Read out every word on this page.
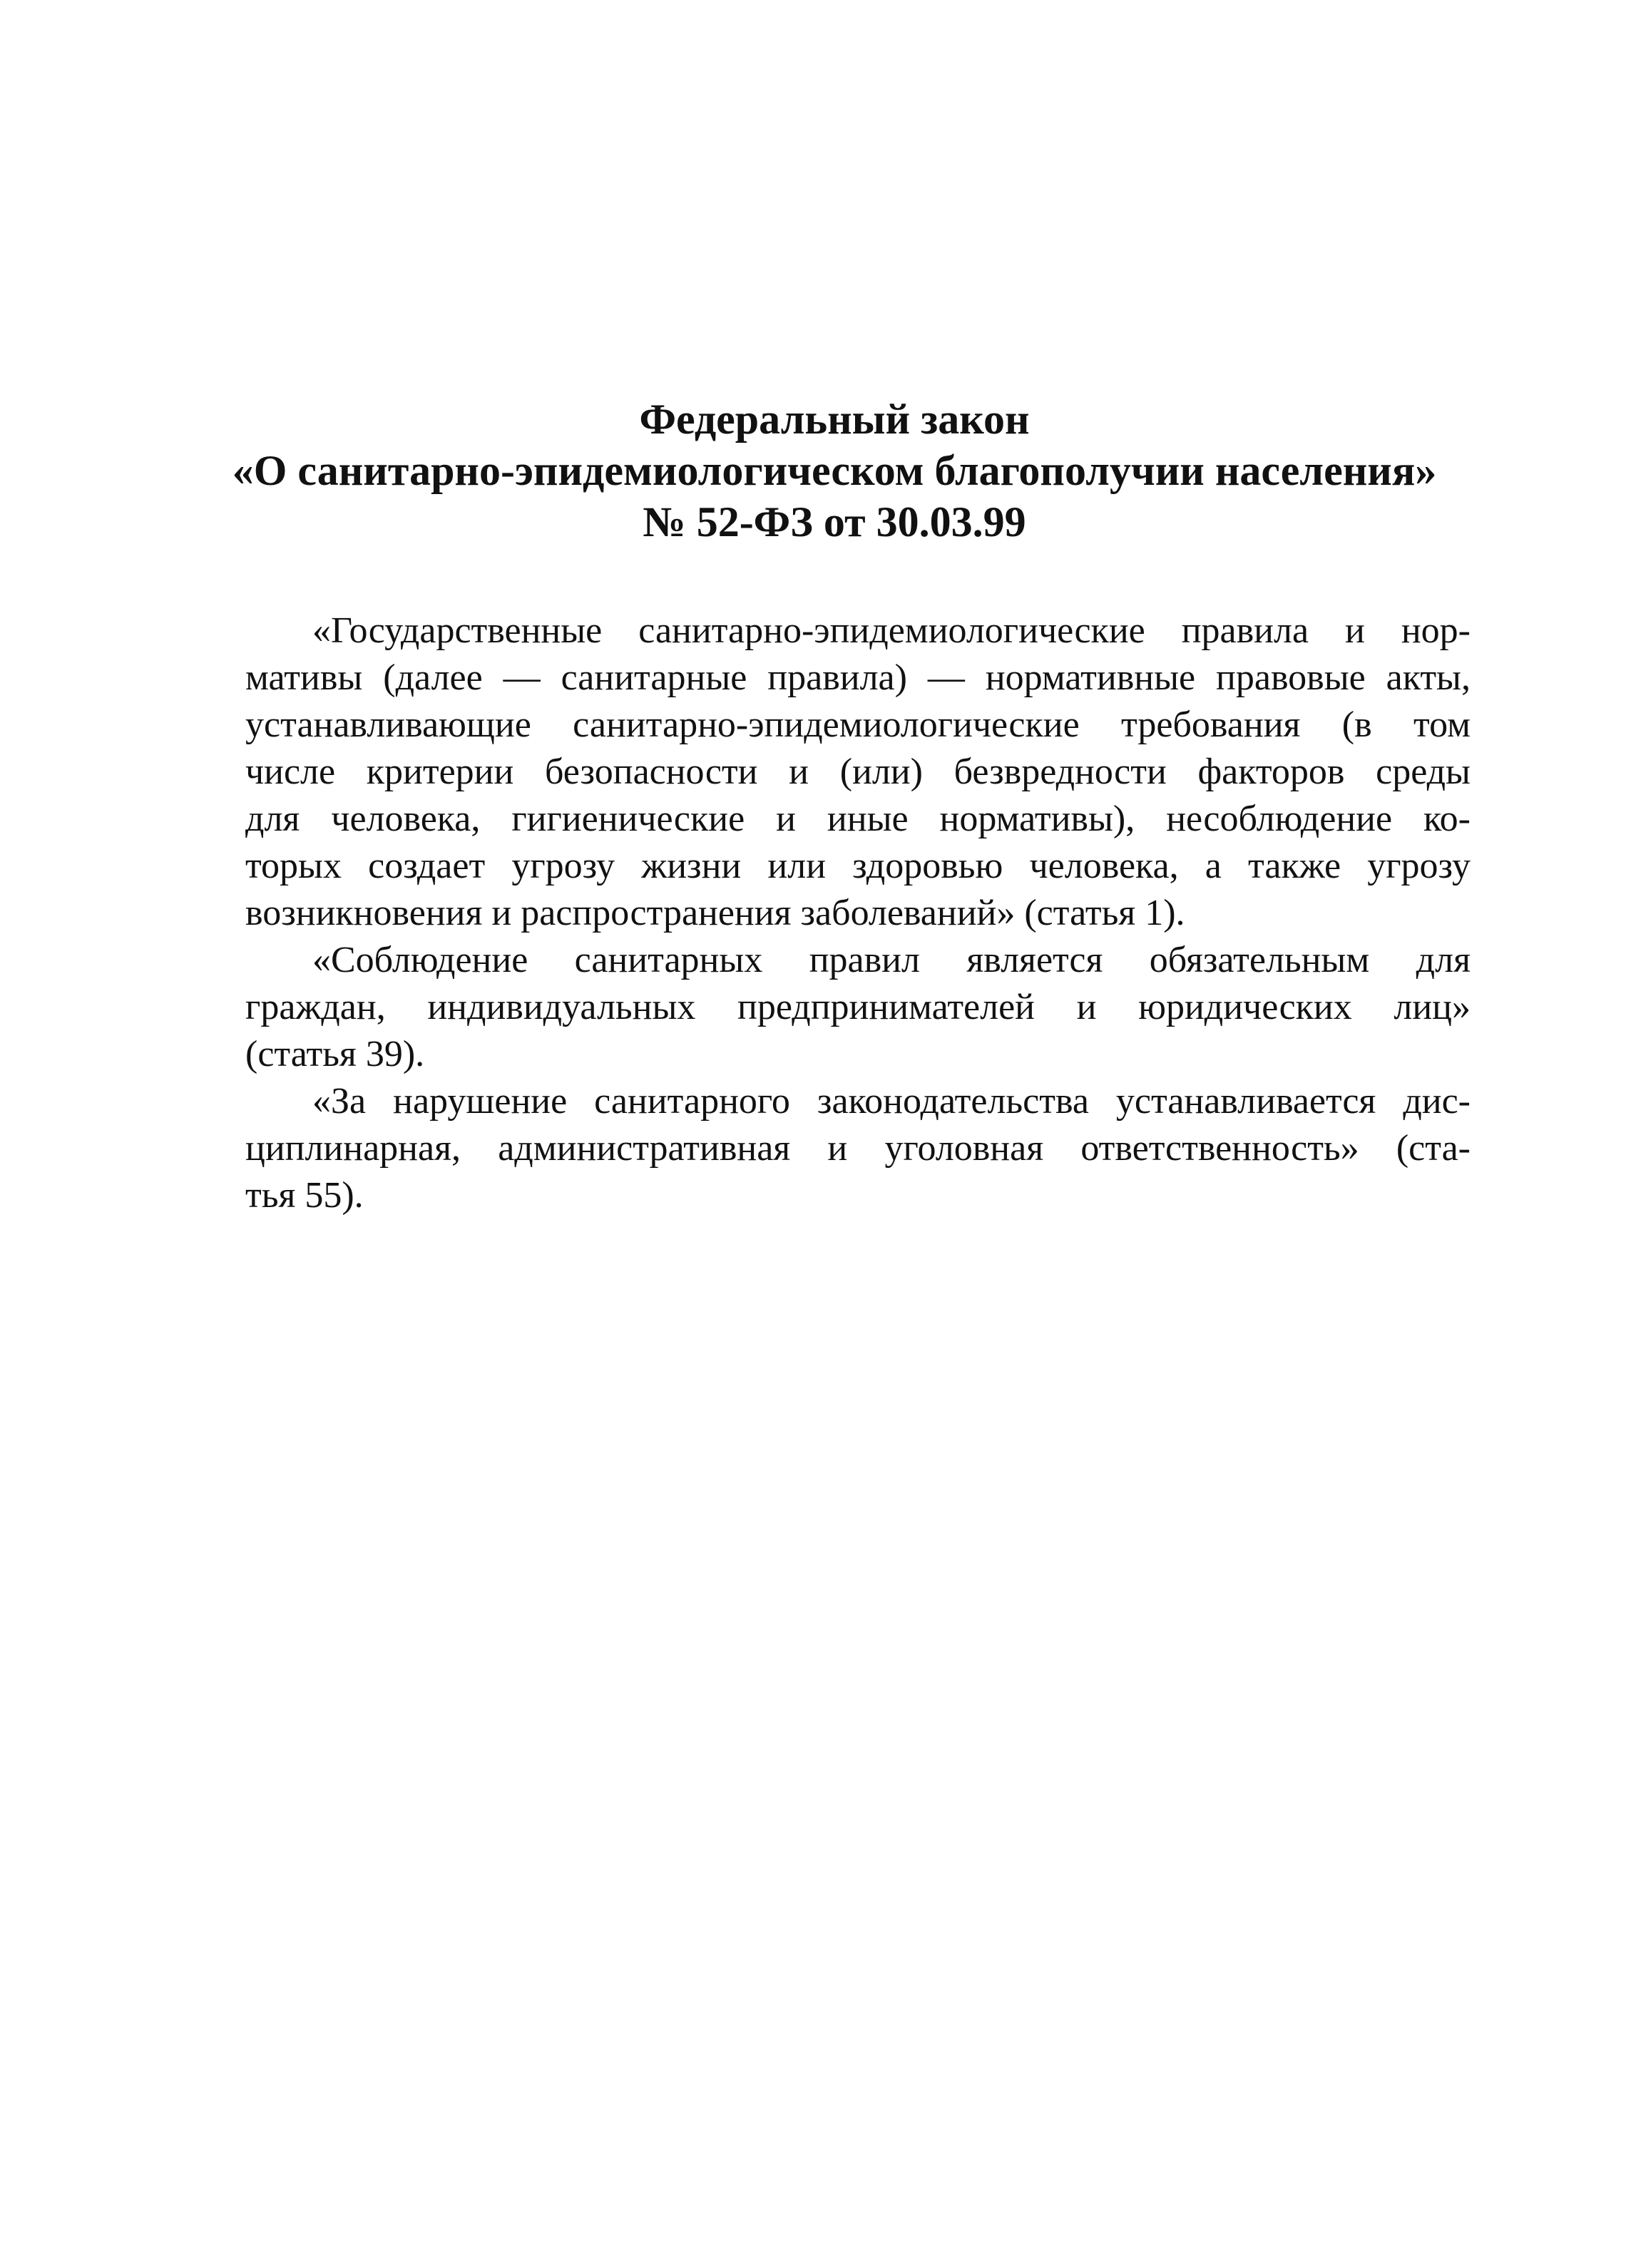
Федеральный закон
«О санитарно-эпидемиологическом благополучии населения»
№ 52-ФЗ от 30.03.99
«Государственные санитарно-эпидемиологические правила и нор-
мативы (далее — санитарные правила) — нормативные правовые акты,
устанавливающие санитарно-эпидемиологические требования (в том
числе критерии безопасности и (или) безвредности факторов среды
для человека, гигиенические и иные нормативы), несоблюдение ко-
торых создает угрозу жизни или здоровью человека, а также угрозу
возникновения и распространения заболеваний» (статья 1).
«Соблюдение санитарных правил является обязательным для
граждан, индивидуальных предпринимателей и юридических лиц»
(статья 39).
«За нарушение санитарного законодательства устанавливается дис-
циплинарная, административная и уголовная ответственность» (ста-
тья 55).
